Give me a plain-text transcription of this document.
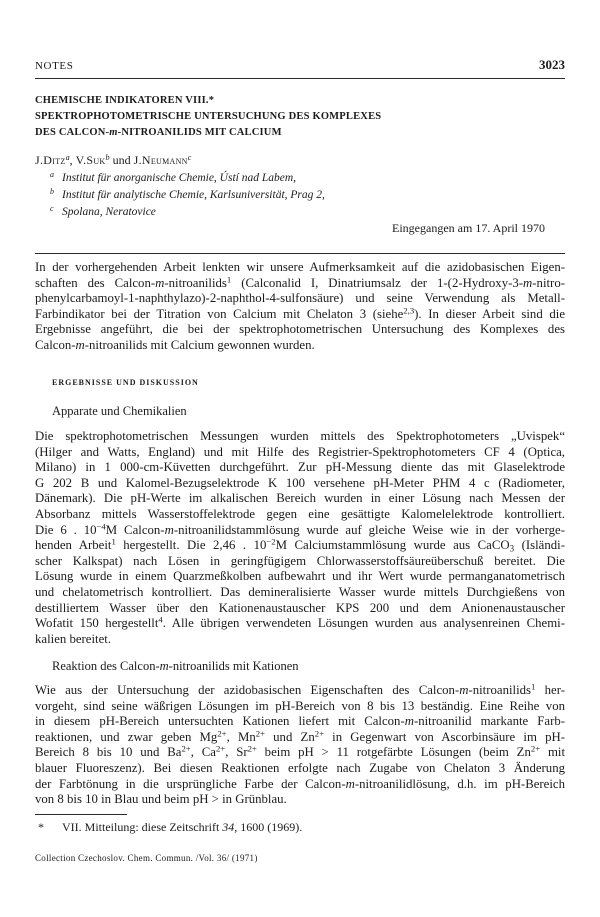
NOTES	3023
CHEMISCHE INDIKATOREN VIII.*
SPEKTROPHOTOMETRISCHE UNTERSUCHUNG DES KOMPLEXES
DES CALCON-m-NITROANILIDS MIT CALCIUM
J.Ditz$^a$, V.Suk$^b$ und J.Neumann$^c$
a Institut für anorganische Chemie, Ústí nad Labem,
b Institut für analytische Chemie, Karlsuniversität, Prag 2,
c Spolana, Neratovice
Eingegangen am 17. April 1970
In der vorhergehenden Arbeit lenkten wir unsere Aufmerksamkeit auf die azidobasischen Eigen-
schaften des Calcon-m-nitroanilids$^1$ (Calconalid I, Dinatriumsalz der 1-(2-Hydroxy-3-m-nitro-
phenylcarbamoyl-1-naphthylazo)-2-naphthol-4-sulfonsäure) und seine Verwendung als Metall-
Farbindikator bei der Titration von Calcium mit Chelaton 3 (siehe$^{2,3}$). In dieser Arbeit sind die
Ergebnisse angeführt, die bei der spektrophotometrischen Untersuchung des Komplexes des
Calcon-m-nitroanilids mit Calcium gewonnen wurden.
ERGEBNISSE UND DISKUSSION
Apparate und Chemikalien
Die spektrophotometrischen Messungen wurden mittels des Spektrophotometers „Uvispek“
(Hilger and Watts, England) und mit Hilfe des Registrier-Spektrophotometers CF 4 (Optica,
Milano) in 1 000-cm-Küvetten durchgeführt. Zur pH-Messung diente das mit Glaselektrode
G 202 B und Kalomel-Bezugselektrode K 100 versehene pH-Meter PHM 4 c (Radiometer,
Dänemark). Die pH-Werte im alkalischen Bereich wurden in einer Lösung nach Messen der
Absorbanz mittels Wasserstoffelektrode gegen eine gesättigte Kalomelelektrode kontrolliert.
Die 6 . $10^{-4}M$ Calcon-m-nitroanilidstammlösung wurde auf gleiche Weise wie in der vorherge-
henden Arbeit$^1$ hergestellt. Die 2,46 . $10^{-2}M$ Calciumstammlösung wurde aus CaCO$_3$ (Isländi-
scher Kalkspat) nach Lösen in geringfügigem Chlorwasserstoffsäureüberschuß bereitet. Die
Lösung wurde in einem Quarzmeßkolben aufbewahrt und ihr Wert wurde permanganatometrisch
und chelatometrisch kontrolliert. Das demineralisierte Wasser wurde mittels Durchgießens von
destilliertem Wasser über den Kationenaustauscher KPS 200 und dem Anionenaustauscher
Wofatit 150 hergestellt$^4$. Alle übrigen verwendeten Lösungen wurden aus analysenreinen Chemi-
kalien bereitet.
Reaktion des Calcon-m-nitroanilids mit Kationen
Wie aus der Untersuchung der azidobasischen Eigenschaften des Calcon-m-nitroanilids$^1$ her-
vorgeht, sind seine wäßrigen Lösungen im pH-Bereich von 8 bis 13 beständig. Eine Reihe von
in diesem pH-Bereich untersuchten Kationen liefert mit Calcon-m-nitroanilid markante Farb-
reaktionen, und zwar geben $Mg^{2+}$, $Mn^{2+}$ und $Zn^{2+}$ in Gegenwart von Ascorbinsäure im pH-
Bereich 8 bis 10 und $Ba^{2+}$, $Ca^{2+}$, $Sr^{2+}$ beim pH > 11 rotgefärbte Lösungen (beim $Zn^{2+}$ mit
blauer Fluoreszenz). Bei diesen Reaktionen erfolgte nach Zugabe von Chelaton 3 Änderung
der Farbtönung in die ursprüngliche Farbe der Calcon-m-nitroanilidlösung, d.h. im pH-Bereich
von 8 bis 10 in Blau und beim pH > in Grünblau.
* VII. Mitteilung: diese Zeitschrift 34, 1600 (1969).
Collection Czechoslov. Chem. Commun. /Vol. 36/ (1971)
